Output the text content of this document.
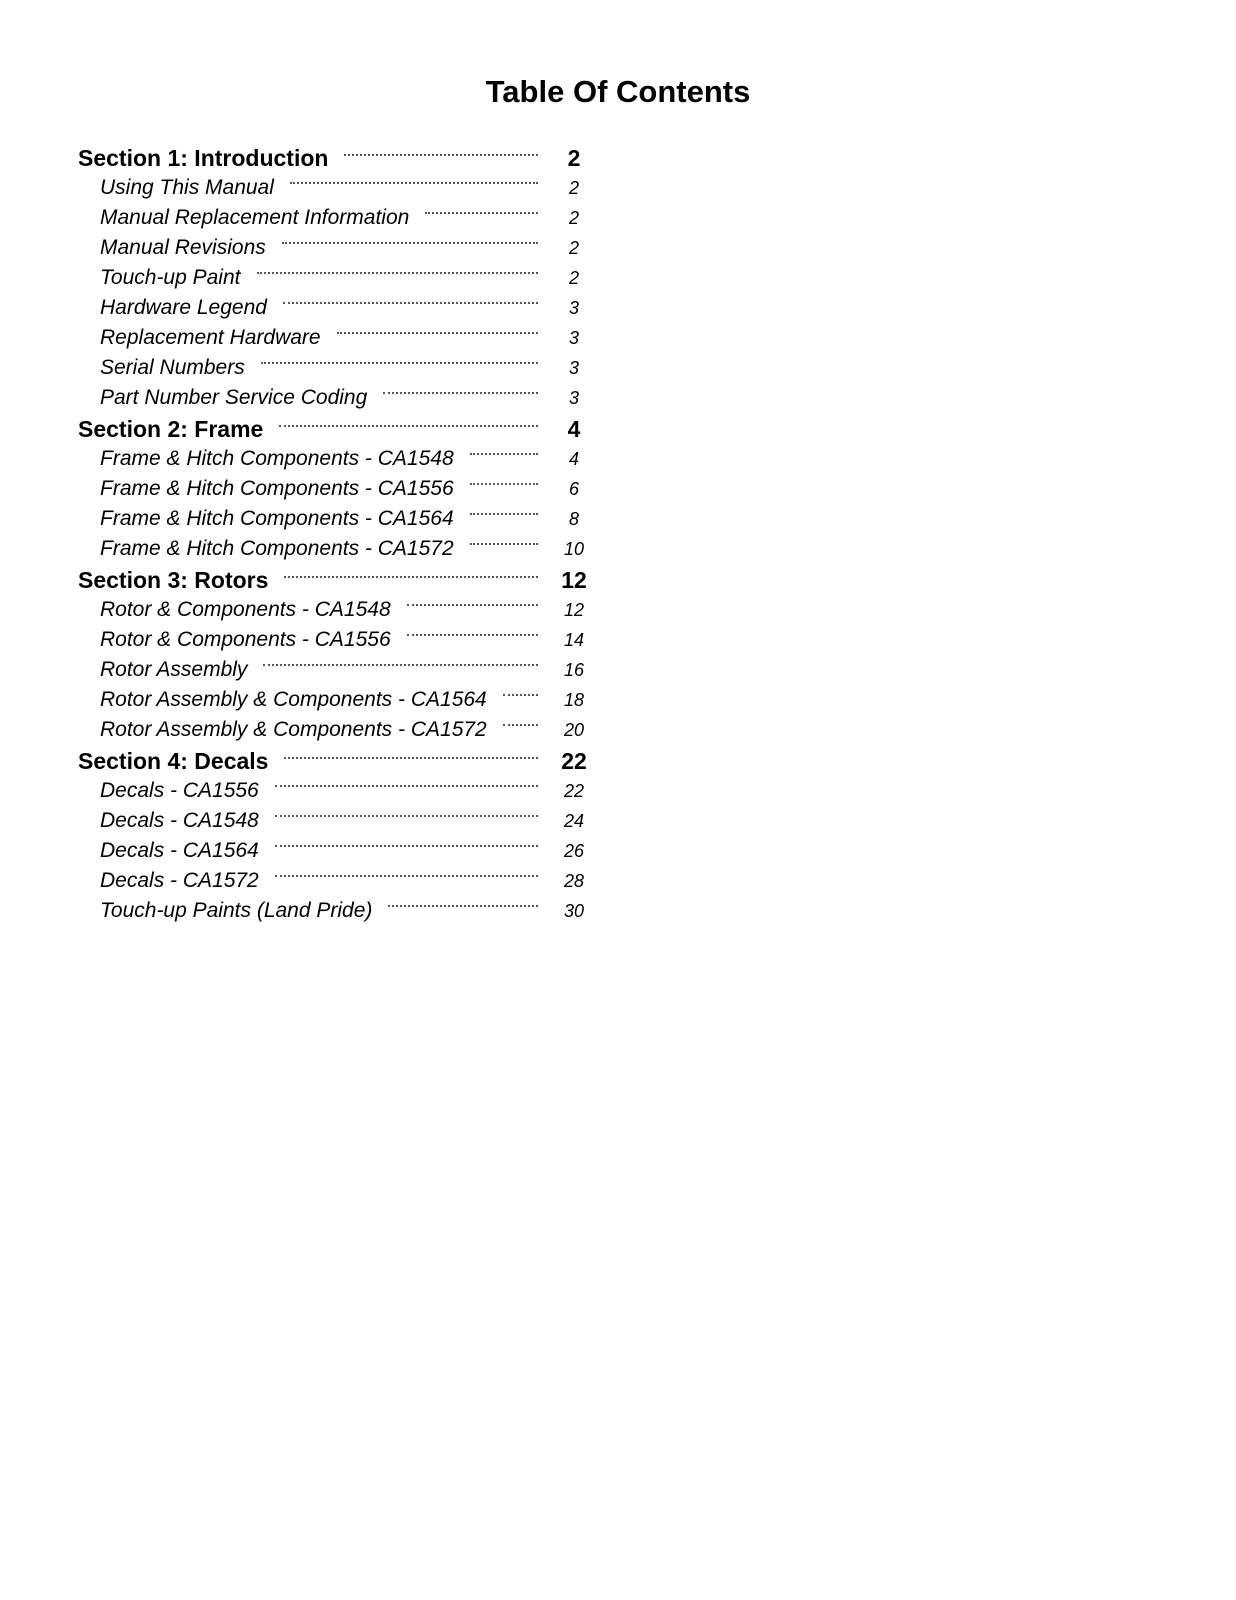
Table Of Contents
Section 1: Introduction	2
Using This Manual	2
Manual Replacement Information	2
Manual Revisions	2
Touch-up Paint	2
Hardware Legend	3
Replacement Hardware	3
Serial Numbers	3
Part Number Service Coding	3
Section 2: Frame	4
Frame & Hitch Components - CA1548	4
Frame & Hitch Components - CA1556	6
Frame & Hitch Components - CA1564	8
Frame & Hitch Components - CA1572	10
Section 3: Rotors	12
Rotor & Components - CA1548	12
Rotor & Components - CA1556	14
Rotor Assembly	16
Rotor Assembly & Components - CA1564	18
Rotor Assembly & Components - CA1572	20
Section 4: Decals	22
Decals - CA1556	22
Decals - CA1548	24
Decals - CA1564	26
Decals - CA1572	28
Touch-up Paints (Land Pride)	30
